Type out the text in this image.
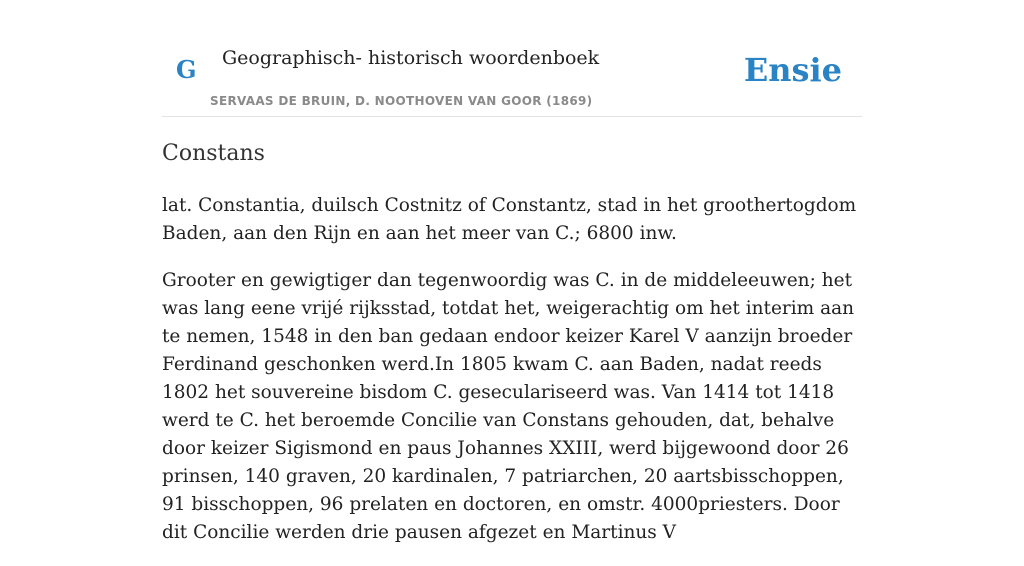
G Geographisch- historisch woordenboek
SERVAAS DE BRUIN, D. NOOTHOVEN VAN GOOR (1869)
Ensie
Constans

lat. Constantia, duilsch Costnitz of Constantz, stad in het groothertogdom Baden, aan den Rijn en aan het meer van C.; 6800 inw.

Grooter en gewigtiger dan tegenwoordig was C. in de middeleeuwen; het was lang eene vrijé rijksstad, totdat het, weigerachtig om het interim aan te nemen, 1548 in den ban gedaan endoor keizer Karel V aanzijn broeder Ferdinand geschonken werd.In 1805 kwam C. aan Baden, nadat reeds 1802 het souvereine bisdom C. geseculariseerd was. Van 1414 tot 1418 werd te C. het beroemde Concilie van Constans gehouden, dat, behalve door keizer Sigismond en paus Johannes XXIII, werd bijgewoond door 26 prinsen, 140 graven, 20 kardinalen, 7 patriarchen, 20 aartsbisschoppen, 91 bisschoppen, 96 prelaten en doctoren, en omstr. 4000priesters. Door dit Concilie werden drie pausen afgezet en Martinus V
